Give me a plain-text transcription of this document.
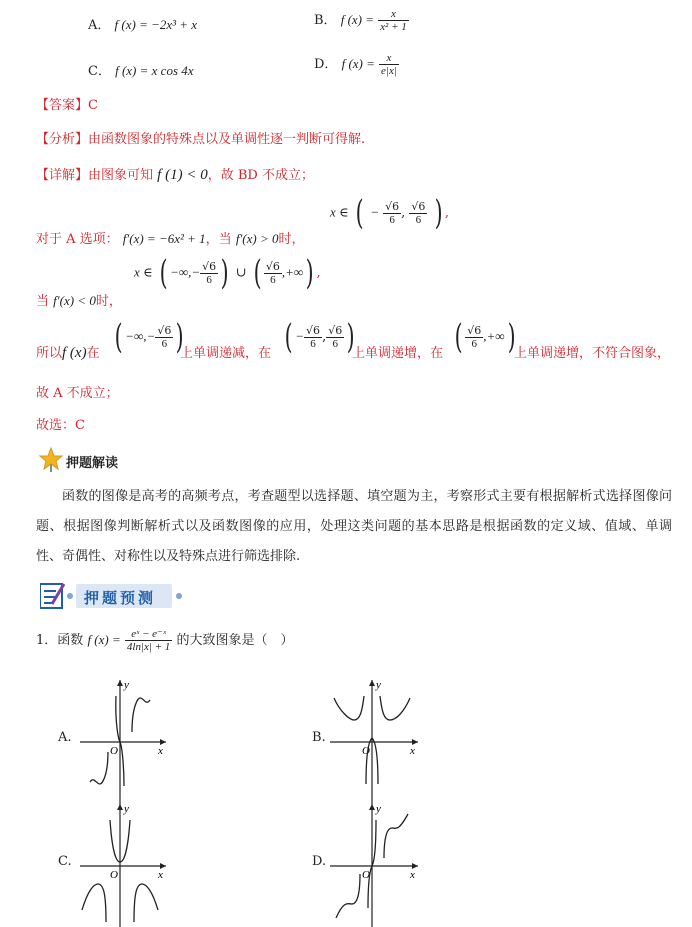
A． f (x) = −2x³ + x	B． f $(x) = \frac{x}{\text{x² + 1}}$
C． f (x) = x cos 4x	D． f $(x) = \frac{x}{e|x|}$
【答案】C
【分析】由函数图象的特殊点以及单调性逐一判断可得解.
【详解】由图象可知 f (1) < 0，故 BD 不成立；
对于 A 选项： f′(x) = −6x² + 1，当 f′(x) > 0时，
x ∈ ( − $\frac{√6}{6}$ , $\frac{√6}{6}$ ) ,
当 f′(x) < 0时，
x ∈ ( −∞,− $\frac{√6}{6}$ ) ∪ ( $\frac{√6}{6}$ ,+∞) ,
所以f (x)在 ( −∞,− $\frac{√6}{6}$ )
上单调递减，在 ( − $\frac{√6}{6}$ , $\frac{√6}{6}$ )
上单调递增，在 ( $\frac{√6}{6}$ ,+∞)
上单调递增，不符合图象，
故 A 不成立；
故选：C
押题解读

函数的图像是高考的高频考点，考查题型以选择题、填空题为主，考察形式主要有根据解析式选择图像问题、根据图像判断解析式以及函数图像的应用，处理这类问题的基本思路是根据函数的定义域、值域、单调性、奇偶性、对称性以及特殊点进行筛选排除.

押题预测
1．函数 f $(x) = \frac{\text{eˣ − e⁻ˣ}}{4\ln|x| + 1}$ 的大致图象是（　）
A.
y
x
O
B.
y
x
O
C.
y
x
O
D.
y
x
O
